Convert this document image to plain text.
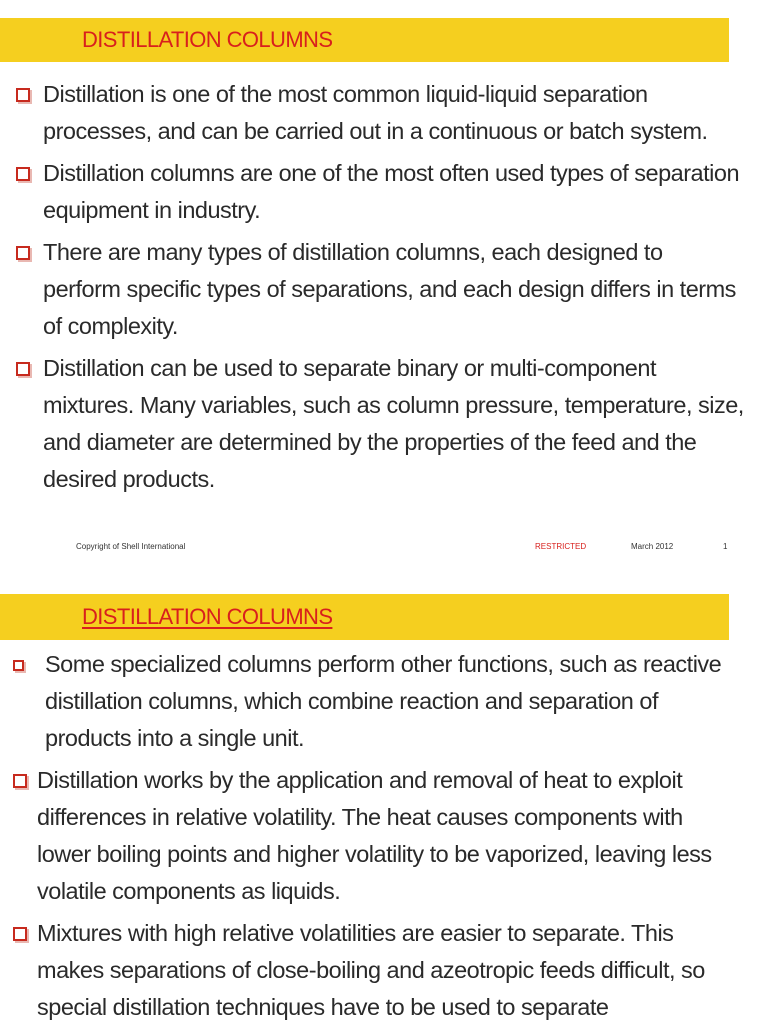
DISTILLATION COLUMNS
Distillation is one of the most common liquid-liquid separation processes, and can be carried out in a continuous or batch system.
Distillation columns are one of the most often used types of separation equipment in industry.
There are many types of distillation columns, each designed to perform specific types of separations, and each design differs in terms of complexity.
Distillation can be used to separate binary or multi-component mixtures. Many variables, such as column pressure, temperature, size, and diameter are determined by the properties of the feed and the desired products.
Copyright of Shell International	RESTRICTED	March 2012	1
DISTILLATION COLUMNS
Some specialized columns perform other functions, such as reactive distillation columns, which combine reaction and separation of products into a single unit.
Distillation works by the application and removal of heat to exploit differences in relative volatility. The heat causes components with lower boiling points and higher volatility to be vaporized, leaving less volatile components as liquids.
Mixtures with high relative volatilities are easier to separate. This makes separations of close-boiling and azeotropic feeds difficult, so special distillation techniques have to be used to separate
